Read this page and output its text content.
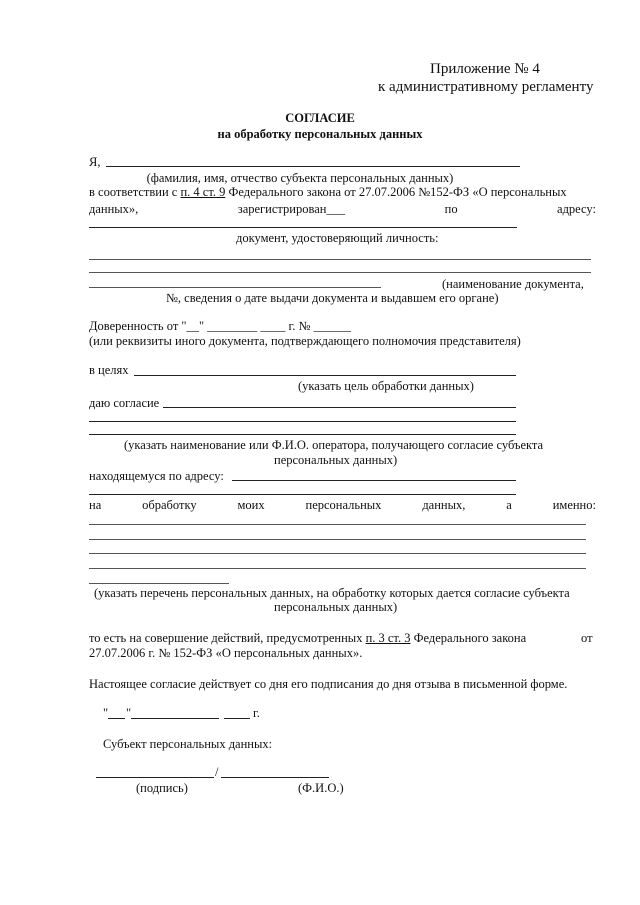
Приложение № 4
к административному регламенту
СОГЛАСИЕ
на обработку персональных данных
Я,
(фамилия, имя, отчество субъекта персональных данных)
в соответствии с п. 4 ст. 9 Федерального закона от 27.07.2006 №152-ФЗ «О персональных
данных»,	зарегистрирован___	по	адресу:
документ, удостоверяющий личность:
(наименование документа,
№, сведения о дате выдачи документа и выдавшем его органе)
Доверенность от "__" ________ ____ г. № ______
(или реквизиты иного документа, подтверждающего полномочия представителя)
в целях
(указать цель обработки данных)
даю согласие
(указать наименование или Ф.И.О. оператора, получающего согласие субъекта
персональных данных)
находящемуся по адресу:
на	обработку	моих	персональных	данных,	а	именно:
(указать перечень персональных данных, на обработку которых дается согласие субъекта
персональных данных)
то есть на совершение действий, предусмотренных п. 3 ст. 3 Федерального закона	от
27.07.2006 г. № 152-ФЗ «О персональных данных».
Настоящее согласие действует со дня его подписания до дня отзыва в письменной форме.
" "	г.
Субъект персональных данных:
/
(подпись)	(Ф.И.О.)
